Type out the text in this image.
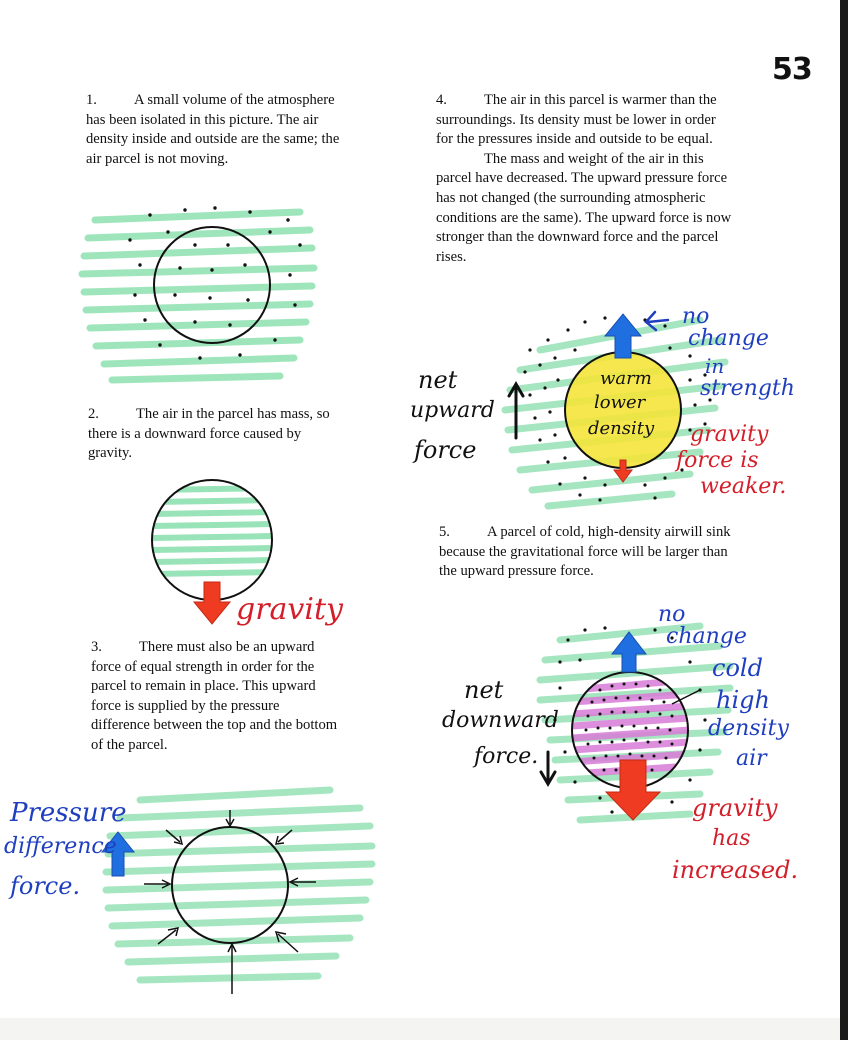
53

1.	A small volume of the atmosphere has been isolated in this picture. The air density inside and outside are the same; the air parcel is not moving.

2.	The air in the parcel has mass, so there is a downward force caused by gravity.

3.	There must also be an upward force of equal strength in order for the parcel to remain in place. This upward force is supplied by the pressure difference between the top and the bottom of the parcel.

4.	The air in this parcel is warmer than the surroundings. Its density must be lower in order for the pressures inside and outside to be equal.

The mass and weight of the air in this parcel have decreased. The upward pressure force has not changed (the surrounding atmospheric conditions are the same). The upward force is now stronger than the downward force and the parcel rises.

5.	A parcel of cold, high-density airwill sink because the gravitational force will be larger than the upward pressure force.

gravity
Pressure
difference
force.
warm
lower
density
no
change
in
strength
net
upward
force
gravity
force is
weaker.
no
change
cold
high
density
air
net
downward
force.
gravity
has
increased.
